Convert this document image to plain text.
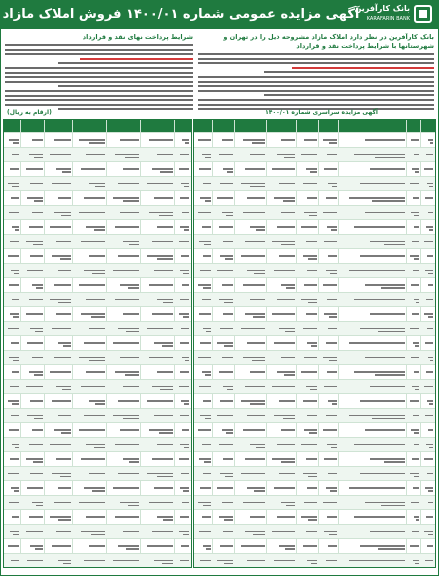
آگهی مزایده عمومی شماره ۱۴۰۰/۰۱ فروش املاک مازاد
بانک کارآفرین
KARAFARIN BANK
بانک کارآفرین در نظر دارد املاک مازاد مشروحه ذیل را در تهران و شهرستانها با شرایط پرداخت نقد و قرارداد
شرایط پرداخت نهای نقد و قرارداد
آگهی مزایده سراسری شماره ۱۴۰۰/۰۱
(ارقام به ریال)
